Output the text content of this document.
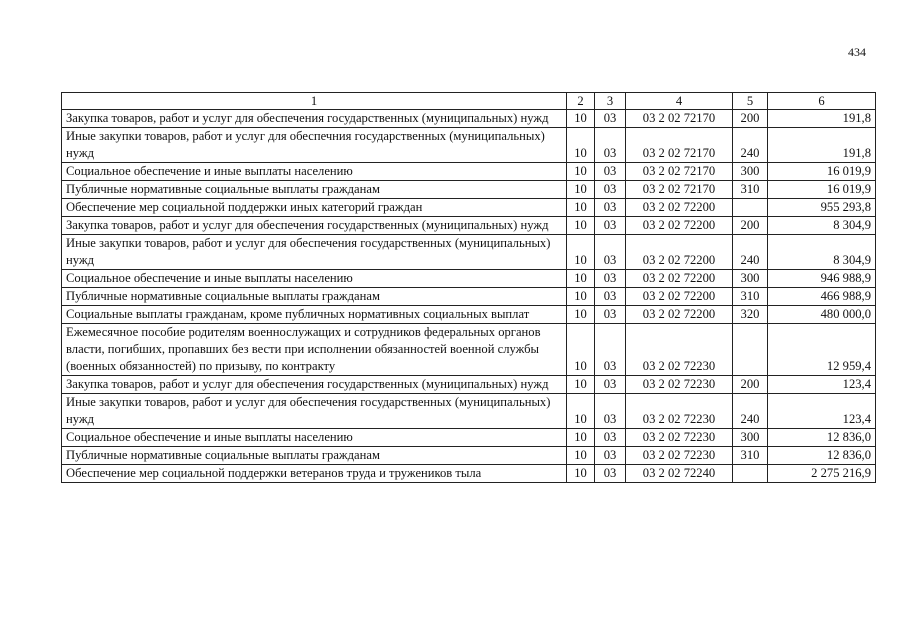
434
1	2	3	4	5	6
Закупка товаров, работ и услуг для обеспечения государственных (муниципальных) нужд	10	03	03 2 02 72170	200	191,8
Иные закупки товаров, работ и услуг для обеспечния государственных (муниципальных) нужд	10	03	03 2 02 72170	240	191,8
Социальное обеспечение и иные выплаты населению	10	03	03 2 02 72170	300	16 019,9
Публичные нормативные социальные выплаты гражданам	10	03	03 2 02 72170	310	16 019,9
Обеспечение мер социальной поддержки иных категорий граждан	10	03	03 2 02 72200		955 293,8
Закупка товаров, работ и услуг для обеспечения государственных (муниципальных) нужд	10	03	03 2 02 72200	200	8 304,9
Иные закупки товаров, работ и услуг для обеспечения государственных (муниципальных) нужд	10	03	03 2 02 72200	240	8 304,9
Социальное обеспечение и иные выплаты населению	10	03	03 2 02 72200	300	946 988,9
Публичные нормативные социальные выплаты гражданам	10	03	03 2 02 72200	310	466 988,9
Социальные выплаты гражданам, кроме публичных нормативных социальных выплат	10	03	03 2 02 72200	320	480 000,0
Ежемесячное пособие родителям военнослужащих и сотрудников федеральных органов власти, погибших, пропавших без вести при исполнении обязанностей военной службы (военных обязанностей) по призыву, по контракту	10	03	03 2 02 72230		12 959,4
Закупка товаров, работ и услуг для обеспечения государственных (муниципальных) нужд	10	03	03 2 02 72230	200	123,4
Иные закупки товаров, работ и услуг для обеспечения государственных (муниципальных) нужд	10	03	03 2 02 72230	240	123,4
Социальное обеспечение и иные выплаты населению	10	03	03 2 02 72230	300	12 836,0
Публичные нормативные социальные выплаты гражданам	10	03	03 2 02 72230	310	12 836,0
Обеспечение мер социальной поддержки ветеранов труда и тружеников тыла	10	03	03 2 02 72240		2 275 216,9
